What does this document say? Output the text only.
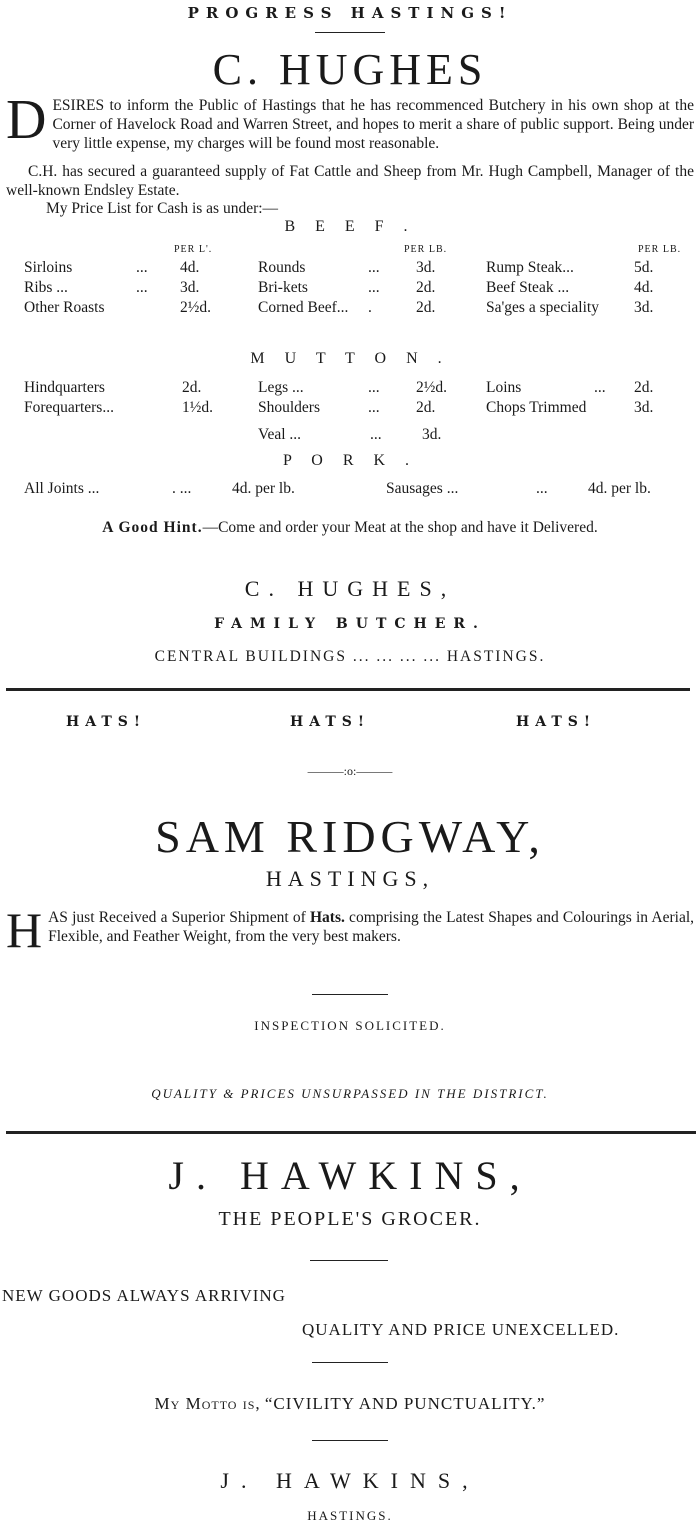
PROGRESS HASTINGS!
C. HUGHES
DESIRES to inform the Public of Hastings that he has recommenced Butchery in his own shop at the Corner of Havelock Road and Warren Street, and hopes to merit a share of public support. Being under very little expense, my charges will be found most reasonable.
C.H. has secured a guaranteed supply of Fat Cattle and Sheep from Mr. Hugh Campbell, Manager of the well-known Endsley Estate.
My Price List for Cash is as under:—
B E E F .
PER L'.	PER LB.	PER LB.
Sirloins	...	4d.	Rounds	...	3d.	Rump Steak...	5d.
Ribs ...	...	3d.	Bri-kets	...	2d.	Beef Steak ...	4d.
Other Roasts		2½d.	Corned Beef...	.	2d.	Sa'ges a speciality	3d.
M U T T O N .
Hindquarters		2d.	Legs ...	...	2½d.	Loins	...	2d.
Forequarters...		1½d.	Shoulders	...	2d.	Chops Trimmed		3d.
Veal ...	...	3d.
P O R K .
All Joints ...	. ...	4d. per lb.	Sausages ...	...	4d. per lb.
A Good Hint.—Come and order your Meat at the shop and have it Delivered.
C. HUGHES,
FAMILY BUTCHER.
CENTRAL BUILDINGS ... ... ... ... HASTINGS.
HATS!	HATS!	HATS!
———:o:———
SAM RIDGWAY,
HASTINGS,
HAS just Received a Superior Shipment of Hats. comprising the Latest Shapes and Colourings in Aerial, Flexible, and Feather Weight, from the very best makers.
INSPECTION SOLICITED.
QUALITY & PRICES UNSURPASSED IN THE DISTRICT.
J. HAWKINS,
THE PEOPLE'S GROCER.
NEW GOODS ALWAYS ARRIVING
QUALITY AND PRICE UNEXCELLED.
My Motto is, “CIVILITY AND PUNCTUALITY.”
J. HAWKINS,
HASTINGS.
